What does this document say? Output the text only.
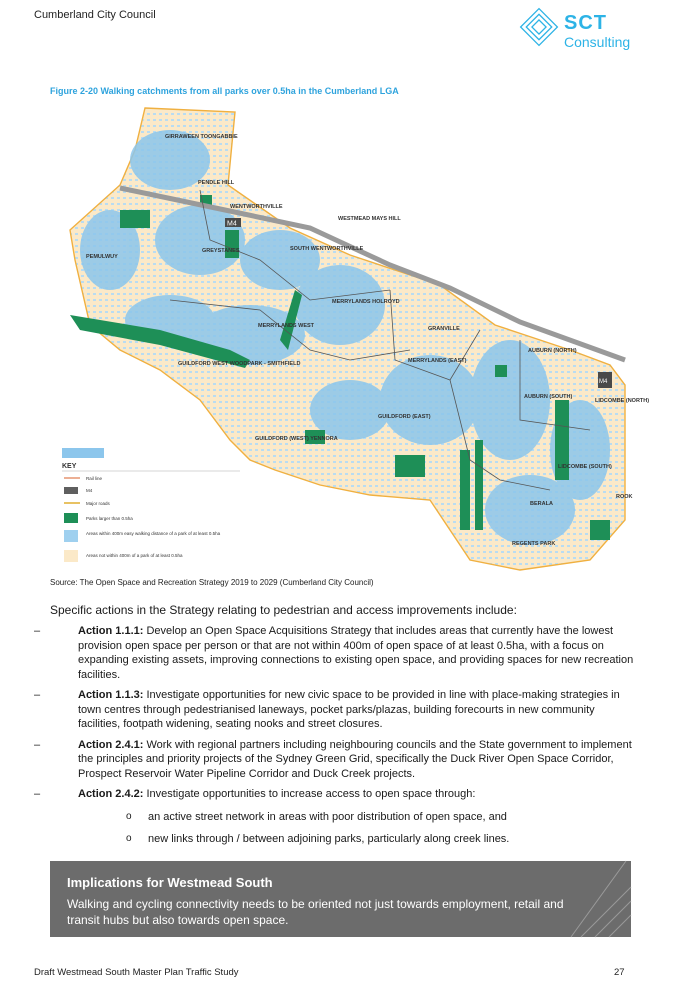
Cumberland City Council	SCT
Consulting
Figure 2-20 Walking catchments from all parks over 0.5ha in the Cumberland LGA
M4
M4
GIRRAWEEN TOONGABBIE
PENDLE HILL
WENTWORTHVILLE
WESTMEAD MAYS HILL
PEMULWUY
GREYSTANES	SOUTH WENTWORTHVILLE
MERRYLANDS HOLROYD
MERRYLANDS WEST	GRANVILLE
GUILDFORD WEST WOODPARK - SMITHFIELD	MERRYLANDS (EAST)
AUBURN (NORTH)
GUILDFORD (EAST)
AUBURN (SOUTH)
LIDCOMBE (NORTH)
GUILDFORD (WEST) YENNORA
LIDCOMBE (SOUTH)
BERALA
REGENTS PARK
ROOK
KEY
Rail line
M4
Major roads
Parks larger than 0.5ha
Areas within 400m easy walking distance of a park of at least 0.5ha
Areas not within 400m of a park of at least 0.5ha
Source: The Open Space and Recreation Strategy 2019 to 2029 (Cumberland City Council)
Specific actions in the Strategy relating to pedestrian and access improvements include:
–	Action 1.1.1: Develop an Open Space Acquisitions Strategy that includes areas that currently have the lowest provision open space per person or that are not within 400m of open space of at least 0.5ha, with a focus on expanding existing assets, improving connections to existing open space, and providing spaces for new recreation facilities.
–	Action 1.1.3: Investigate opportunities for new civic space to be provided in line with place-making strategies in town centres through pedestrianised laneways, pocket parks/plazas, building forecourts in new community facilities, footpath widening, seating nooks and street closures.
–	Action 2.4.1: Work with regional partners including neighbouring councils and the State government to implement the principles and priority projects of the Sydney Green Grid, specifically the Duck River Open Space Corridor, Prospect Reservoir Water Pipeline Corridor and Duck Creek projects.
–	Action 2.4.2: Investigate opportunities to increase access to open space through:
o an active street network in areas with poor distribution of open space, and
o new links through / between adjoining parks, particularly along creek lines.
Implications for Westmead South
Walking and cycling connectivity needs to be oriented not just towards employment, retail and transit hubs but also towards open space.
Draft Westmead South Master Plan Traffic Study	27
